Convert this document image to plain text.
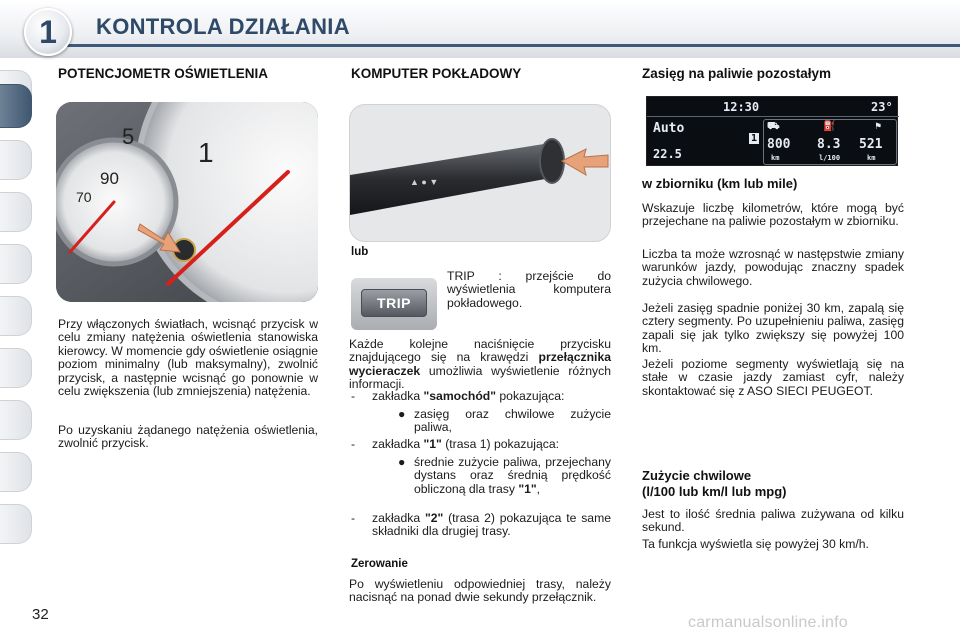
1	KONTROLA DZIAŁANIA
POTENCJOMETR OŚWIETLENIA
1
90
70
5
Przy włączonych światłach, wcisnąć przycisk w celu zmiany natężenia oświetlenia stanowiska kierowcy. W momencie gdy oświetlenie osiągnie poziom minimalny (lub maksymalny), zwolnić przycisk, a następnie wcisnąć go ponownie w celu zwiększenia (lub zmniejszenia) natężenia.
Po uzyskaniu żądanego natężenia oświetlenia, zwolnić przycisk.
KOMPUTER POKŁADOWY
▲ ● ▼
lub
TRIP
TRIP : przejście do wyświetlenia komputera pokładowego.
Każde kolejne naciśnięcie przycisku znajdującego się na krawędzi przełącznika wycieraczek umożliwia wyświetlenie różnych informacji.
-	zakładka "samochód" pokazująca:
● zasięg oraz chwilowe zużycie paliwa,
-	zakładka "1" (trasa 1) pokazująca:
● średnie zużycie paliwa, przejechany dystans oraz średnią prędkość obliczoną dla trasy "1",
-	zakładka "2" (trasa 2) pokazująca te same składniki dla drugiej trasy.
Zerowanie
Po wyświetleniu odpowiedniej trasy, należy nacisnąć na ponad dwie sekundy przełącznik.
Zasięg na paliwie pozostałym
12:30	23°
Auto
22.5
1
⛟	⛽	⚑
800
km
8.3
l/100
521
km
w zbiorniku (km lub mile)
Wskazuje liczbę kilometrów, które mogą być przejechane na paliwie pozostałym w zbiorniku.
Liczba ta może wzrosnąć w następstwie zmiany warunków jazdy, powodując znaczny spadek zużycia chwilowego.
Jeżeli zasięg spadnie poniżej 30 km, zapalą się cztery segmenty. Po uzupełnieniu paliwa, zasięg zapali się jak tylko zwiększy się powyżej 100 km.
Jeżeli poziome segmenty wyświetlają się na stałe w czasie jazdy zamiast cyfr, należy skontaktować się z ASO SIECI PEUGEOT.
Zużycie chwilowe
(l/100 lub km/l lub mpg)
Jest to ilość średnia paliwa zużywana od kilku sekund.
Ta funkcja wyświetla się powyżej 30 km/h.
32	carmanualsonline.info
